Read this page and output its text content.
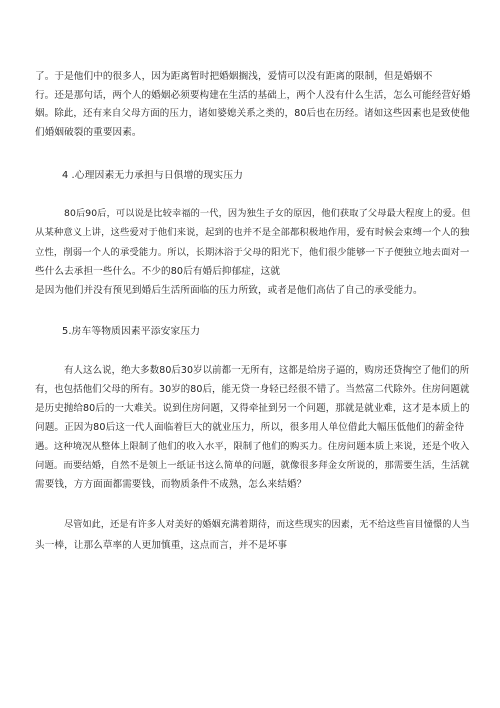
了。于是他们中的很多人，因为距离暂时把婚姻搁浅，爱情可以没有距离的限制，但是婚姻不
行。还是那句话，两个人的婚姻必须要构建在生活的基础上，两个人没有什么生活，怎么可能经营好婚
姻。除此，还有来自父母方面的压力，诸如婆媳关系之类的，80后也在历经。诸如这些因素也是致使他
们婚姻破裂的重要因素。
4 .心理因素无力承担与日俱增的现实压力
80后90后，可以说是比较幸福的一代，因为独生子女的原因，他们获取了父母最大程度上的爱。但
从某种意义上讲，这些爱对于他们来说，起到的也并不是全部都积极地作用，爱有时候会束缚一个人的独
立性，削弱一个人的承受能力。所以，长期沐浴于父母的阳光下，他们很少能够一下子便独立地去面对一
些什么去承担一些什么。不少的80后有婚后抑郁症，这就
是因为他们并没有预见到婚后生活所面临的压力所致，或者是他们高估了自己的承受能力。
5.房车等物质因素平添安家压力
有人这么说，绝大多数80后30岁以前都一无所有，这都是给房子逼的，购房还贷掏空了他们的所
有，也包括他们父母的所有。30岁的80后，能无贷一身轻已经很不错了。当然富二代除外。住房问题就
是历史抛给80后的一大难关。说到住房问题，又得牵扯到另一个问题，那就是就业难，这才是本质上的
问题。正因为80后这一代人面临着巨大的就业压力，所以，很多用人单位借此大幅压低他们的薪金待
遇。这种境况从整体上限制了他们的收入水平，限制了他们的购买力。住房问题本质上来说，还是个收入
问题。而要结婚，自然不是领上一纸证书这么简单的问题，就像很多拜金女所说的，那需要生活，生活就
需要钱，方方面面都需要钱，而物质条件不成熟，怎么来结婚？
尽管如此，还是有许多人对美好的婚姻充满着期待，而这些现实的因素，无不给这些盲目憧憬的人当
头一棒，让那么草率的人更加慎重，这点而言，并不是坏事
